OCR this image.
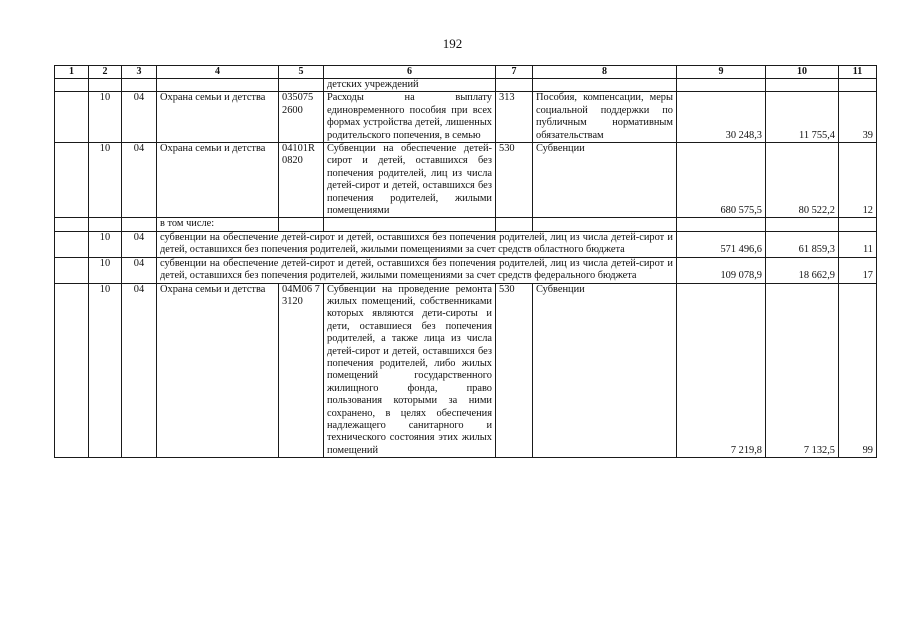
192
1	2	3	4	5	6	7	8	9	10	11
					детских учреждений					
	10	04	Охрана семьи и детства	035075 2600	Расходы на выплату единовременного пособия при всех формах устройства детей, лишенных родительского попечения, в семью	313	Пособия, компенсации, меры социальной поддержки по публичным нормативным обязательствам	30 248,3	11 755,4	39
	10	04	Охрана семьи и детства	04101R 0820	Субвенции на обеспечение детей-сирот и детей, оставшихся без попечения родителей, лиц из числа детей-сирот и детей, оставшихся без попечения родителей, жилыми помещениями	530	Субвенции	680 575,5	80 522,2	12
			в том числе:							
	10	04	субвенции на обеспечение детей-сирот и детей, оставшихся без попечения родителей, лиц из числа детей-сирот и детей, оставшихся без попечения родителей, жилыми помещениями за счет средств областного бюджета					571 496,6	61 859,3	11
	10	04	субвенции на обеспечение детей-сирот и детей, оставшихся без попечения родителей, лиц из числа детей-сирот и детей, оставшихся без попечения родителей, жилыми помещениями за счет средств федерального бюджета					109 078,9	18 662,9	17
	10	04	Охрана семьи и детства	04М06 73120	Субвенции на проведение ремонта жилых помещений, собственниками которых являются дети-сироты и дети, оставшиеся без попечения родителей, а также лица из числа детей-сирот и детей, оставшихся без попечения родителей, либо жилых помещений государственного жилищного фонда, право пользования которыми за ними сохранено, в целях обеспечения надлежащего санитарного и технического состояния этих жилых помещений	530	Субвенции	7 219,8	7 132,5	99
